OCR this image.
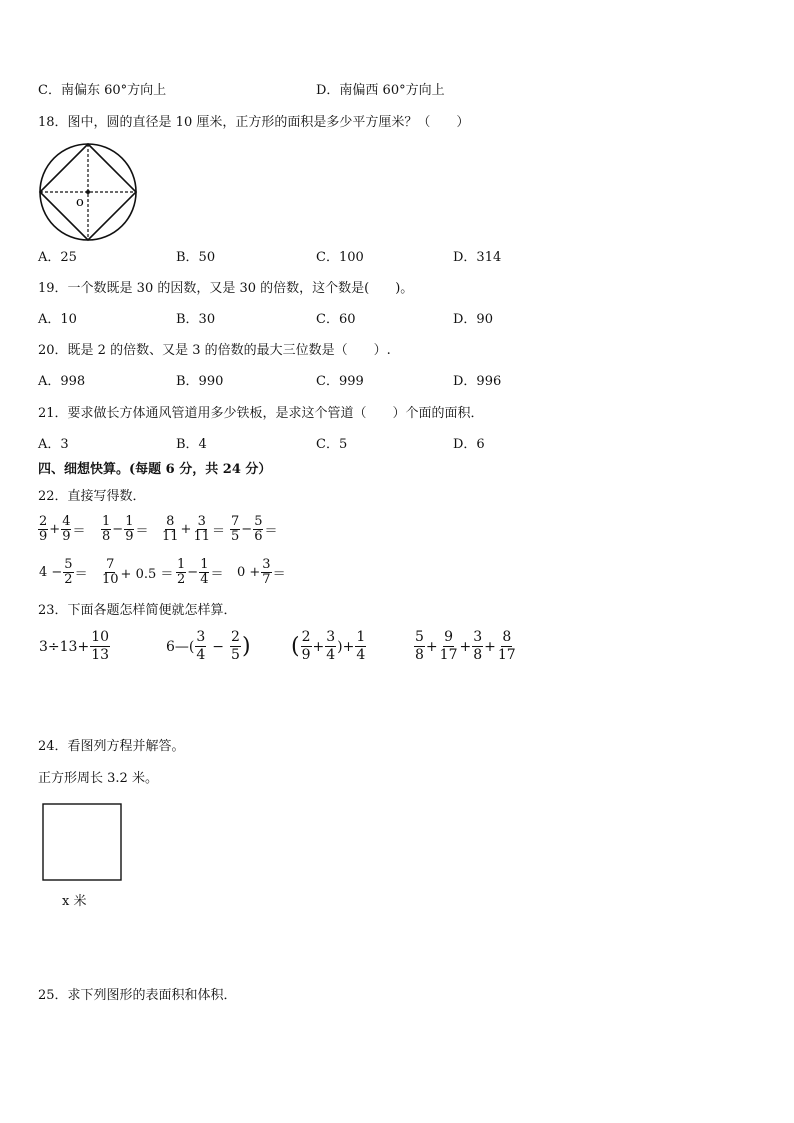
C．南偏东 60°方向上	D．南偏西 60°方向上
18．图中，圆的直径是 10 厘米，正方形的面积是多少平方厘米？（　　）
o
A．25	B．50	C．100	D．314
19．一个数既是 30 的因数，又是 30 的倍数，这个数是(　　)。
A．10	B．30	C．60	D．90
20．既是 2 的倍数、又是 3 的倍数的最大三位数是（　　）.
A．998	B．990	C．999	D．996
21．要求做长方体通风管道用多少铁板，是求这个管道（　　）个面的面积．
A．3	B．4	C．5	D．6
四、细想快算。(每题 6 分，共 24 分）
22．直接写得数．
$\frac{2}{9} + \frac{4}{9} = \frac{1}{8} - \frac{1}{9} = \frac{8}{11} + \frac{3}{11} = \frac{7}{5} - \frac{5}{6}$ ＝
$4 - \frac{5}{2} = \frac{7}{10} + 0.5 = \frac{1}{2} - \frac{1}{4} = 0 + \frac{3}{7}$ ＝
23．下面各题怎样简便就怎样算．
$3\div 13+ \frac{10}{13}$	6—( $\frac{3}{4} - \frac{2}{5}$ ) ( $\frac{2}{9} + \frac{3}{4}$ )+ $\frac{1}{4}$	$\frac{5}{8} + \frac{9}{17} + \frac{3}{8} + \frac{8}{17}$
24．看图列方程并解答。
正方形周长 3.2 米。
x 米
25．求下列图形的表面积和体积．
